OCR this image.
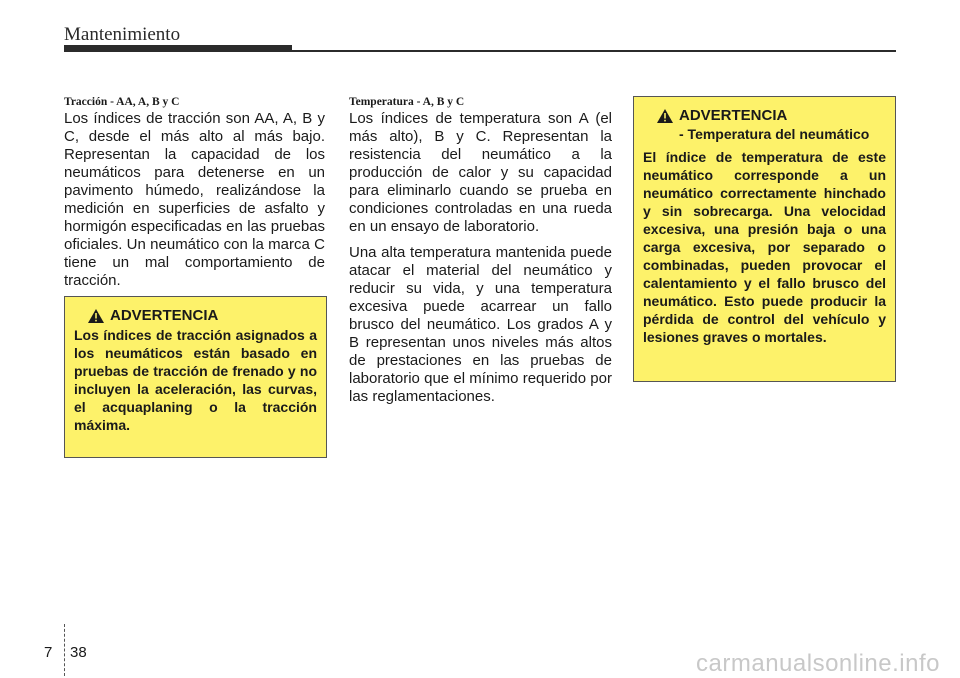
Mantenimiento
Tracción - AA, A, B y C

Los índices de tracción son AA, A, B y C, desde el más alto al más bajo. Representan la capacidad de los neumáticos para detenerse en un pavimento húmedo, realizándose la medición en superficies de asfalto y hormigón especificadas en las pruebas oficiales. Un neumático con la marca C tiene un mal comportamiento de tracción.

ADVERTENCIA
Los índices de tracción asignados a los neumáticos están basado en pruebas de tracción de frenado y no incluyen la aceleración, las curvas, el acquaplaning o la tracción máxima.
Temperatura - A, B y C

Los índices de temperatura son A (el más alto), B y C. Representan la resistencia del neumático a la producción de calor y su capacidad para eliminarlo cuando se prueba en condiciones controladas en una rueda en un ensayo de laboratorio.

Una alta temperatura mantenida puede atacar el material del neumático y reducir su vida, y una temperatura excesiva puede acarrear un fallo brusco del neumático. Los grados A y B representan unos niveles más altos de prestaciones en las pruebas de laboratorio que el mínimo requerido por las reglamentaciones.

ADVERTENCIA
- Temperatura del neumático
El índice de temperatura de este neumático corresponde a un neumático correctamente hinchado y sin sobrecarga. Una velocidad excesiva, una presión baja o una carga excesiva, por separado o combinadas, pueden provocar el calentamiento y el fallo brusco del neumático. Esto puede producir la pérdida de control del vehículo y lesiones graves o mortales.
7 38	carmanualsonline.info
